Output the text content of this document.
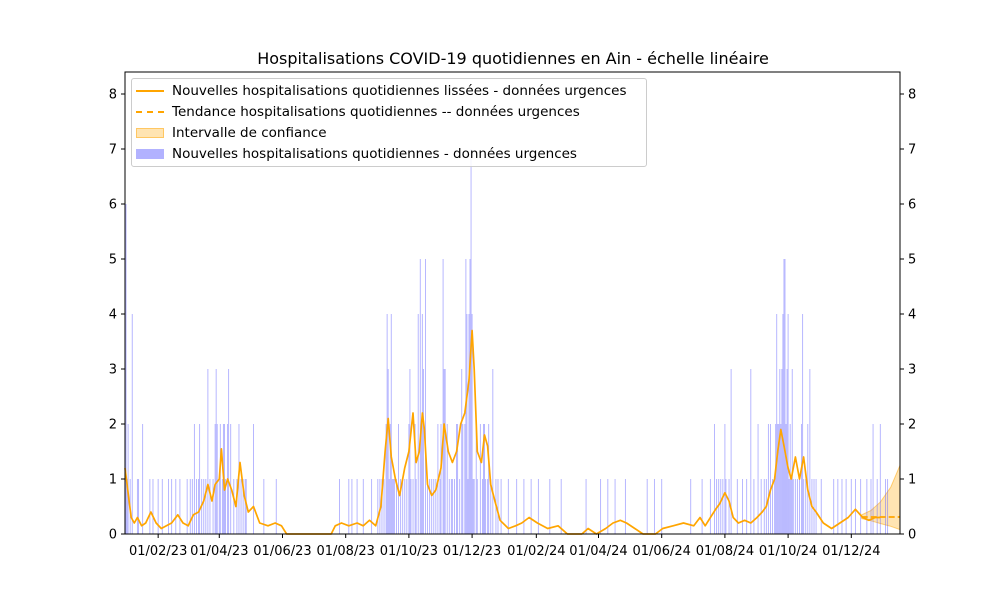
Hospitalisations COVID-19 quotidiennes en Ain - échelle linéaire
0	0
1	1
2	2
3	3
4	4
5	5
6	6
7	7
8	8
01/02/23 01/04/23 01/06/23 01/08/23 01/10/23 01/12/23 01/02/24 01/04/24 01/06/24 01/08/24 01/10/24 01/12/24
Nouvelles hospitalisations quotidiennes lissées - données urgences
Tendance hospitalisations quotidiennes -- données urgences
Intervalle de confiance
Nouvelles hospitalisations quotidiennes - données urgences
